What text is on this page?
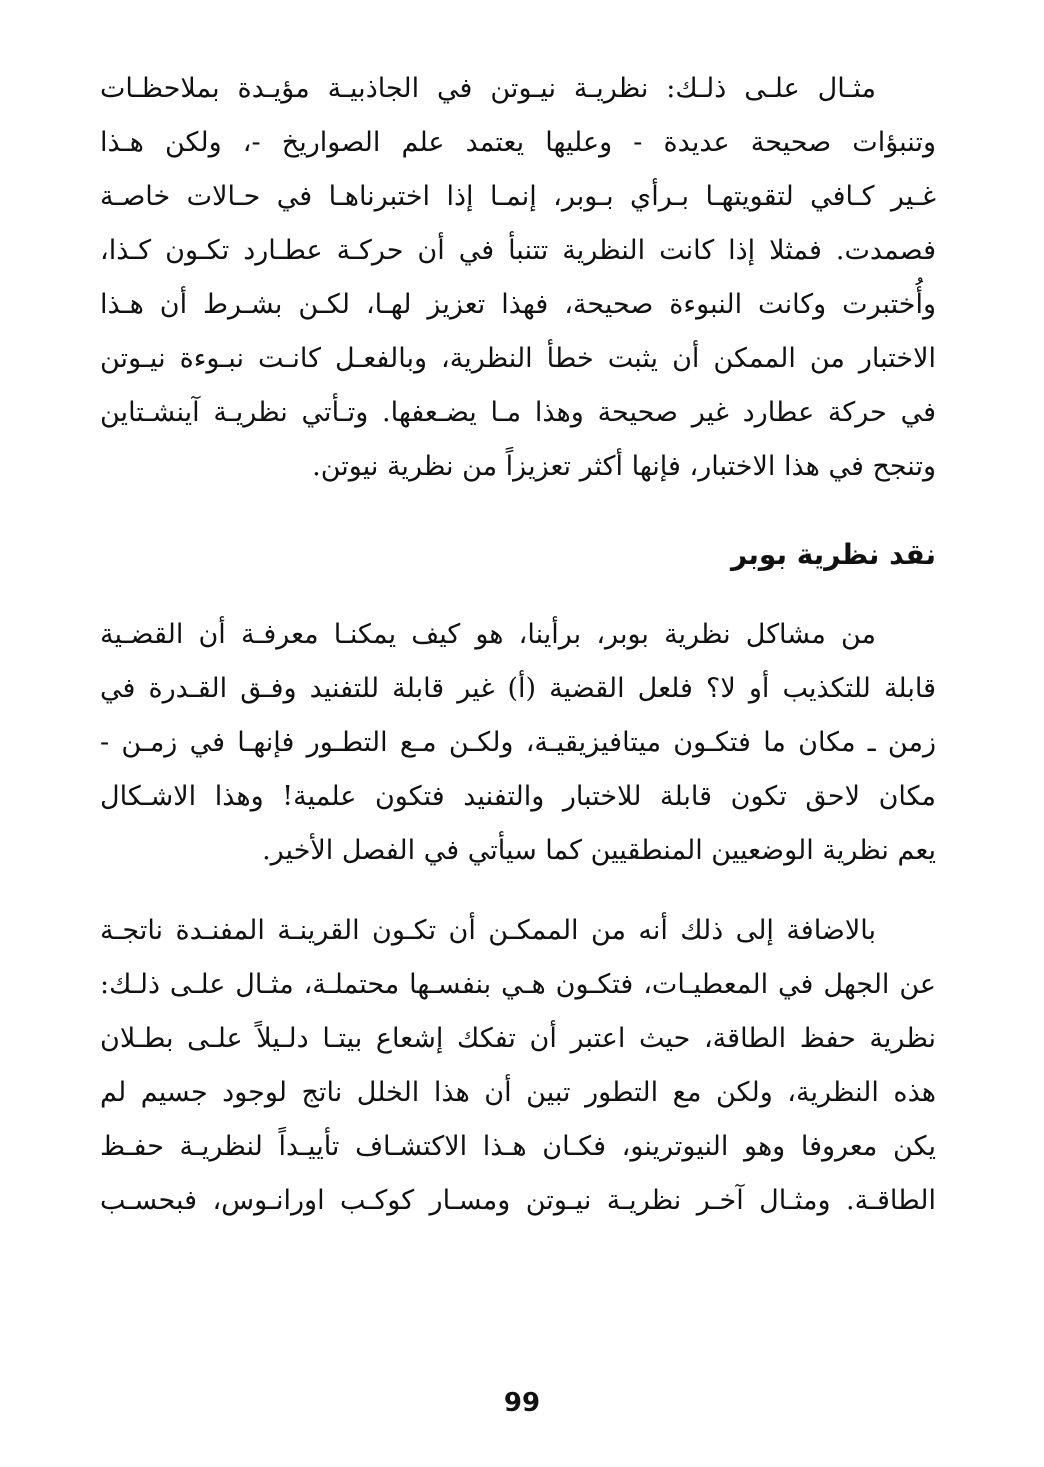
مثـال علـى ذلـك: نظريـة نيـوتن في الجاذبيـة مؤيـدة بملاحظـات
وتنبؤات صحيحة عديدة - وعليها يعتمد علم الصواريخ -، ولكن هـذا
غـير كـافي لتقويتهـا بـرأي بـوبر، إنمـا إذا اختبرناهـا في حـالات خاصـة
فصمدت. فمثلا إذا كانت النظرية تتنبأ في أن حركـة عطـارد تكـون كـذا،
وأُختبرت وكانت النبوءة صحيحة، فهذا تعزيز لهـا، لكـن بشـرط أن هـذا
الاختبار من الممكن أن يثبت خطأ النظرية، وبالفعـل كانـت نبـوءة نيـوتن
في حركة عطارد غير صحيحة وهذا مـا يضـعفها. وتـأتي نظريـة آينشـتاين
وتنجح في هذا الاختبار، فإنها أكثر تعزيزاً من نظرية نيوتن.

نقد نظرية بوبر

من مشاكل نظرية بوبر، برأينا، هو كيف يمكنـا معرفـة أن القضـية
قابلة للتكذيب أو لا؟ فلعل القضية (أ) غير قابلة للتفنيد وفـق القـدرة في
زمن ـ مكان ما فتكـون ميتافيزيقيـة، ولكـن مـع التطـور فإنهـا في زمـن -
مكان لاحق تكون قابلة للاختبار والتفنيد فتكون علمية! وهذا الاشـكال
يعم نظرية الوضعيين المنطقيين كما سيأتي في الفصل الأخير.

بالاضافة إلى ذلك أنه من الممكـن أن تكـون القرينـة المفنـدة ناتجـة
عن الجهل في المعطيـات، فتكـون هـي بنفسـها محتملـة، مثـال علـى ذلـك:
نظرية حفظ الطاقة، حيث اعتبر أن تفكك إشعاع بيتـا دلـيلاً علـى بطـلان
هذه النظرية، ولكن مع التطور تبين أن هذا الخلل ناتج لوجود جسيم لم
يكن معروفا وهو النيوترينو، فكـان هـذا الاكتشـاف تأييـداً لنظريـة حفـظ
الطاقـة. ومثـال آخـر نظريـة نيـوتن ومسـار كوكـب اورانـوس، فبحسـب

99
